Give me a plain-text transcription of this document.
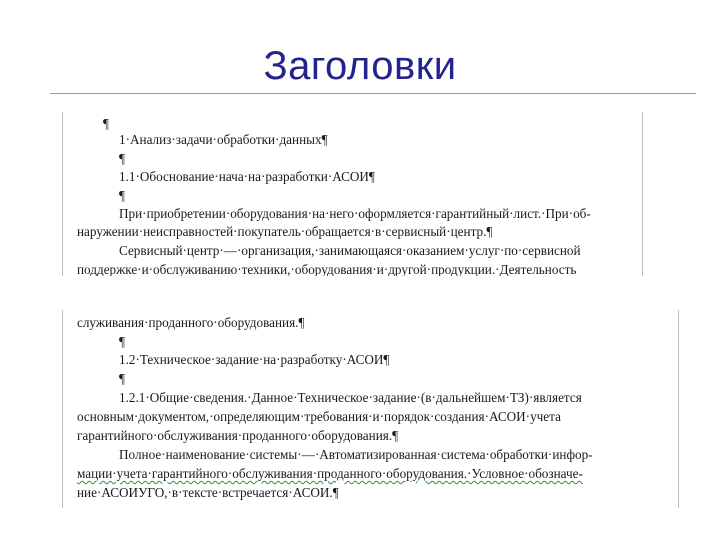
Заголовки
¶
1·Анализ·задачи·обработки·данных¶
¶
1.1·Обоснование·нача·на·разработки·АСОИ¶
¶
При·приобретении·оборудования·на·него·оформляется·гарантийный·лист.·При·об-
наружении·неисправностей·покупатель·обращается·в·сервисный·центр.¶
Сервисный·центр·—·организация,·занимающаяся·оказанием·услуг·по·сервисной
поддержке·и·обслуживанию·техники,·оборудования·и·другой·продукции.·Деятельность
служивания·проданного·оборудования.¶
¶
1.2·Техническое·задание·на·разработку·АСОИ¶
¶
1.2.1·Общие·сведения.·Данное·Техническое·задание·(в·дальнейшем·ТЗ)·является
основным·документом,·определяющим·требования·и·порядок·создания·АСОИ·учета
гарантийного·обслуживания·проданного·оборудования.¶
Полное·наименование·системы·—·Автоматизированная·система·обработки·инфор-
мации·учета·гарантийного·обслуживания·проданного·оборудования.·Условное·обозначе-
ние·АСОИУГО,·в·тексте·встречается·АСОИ.¶
